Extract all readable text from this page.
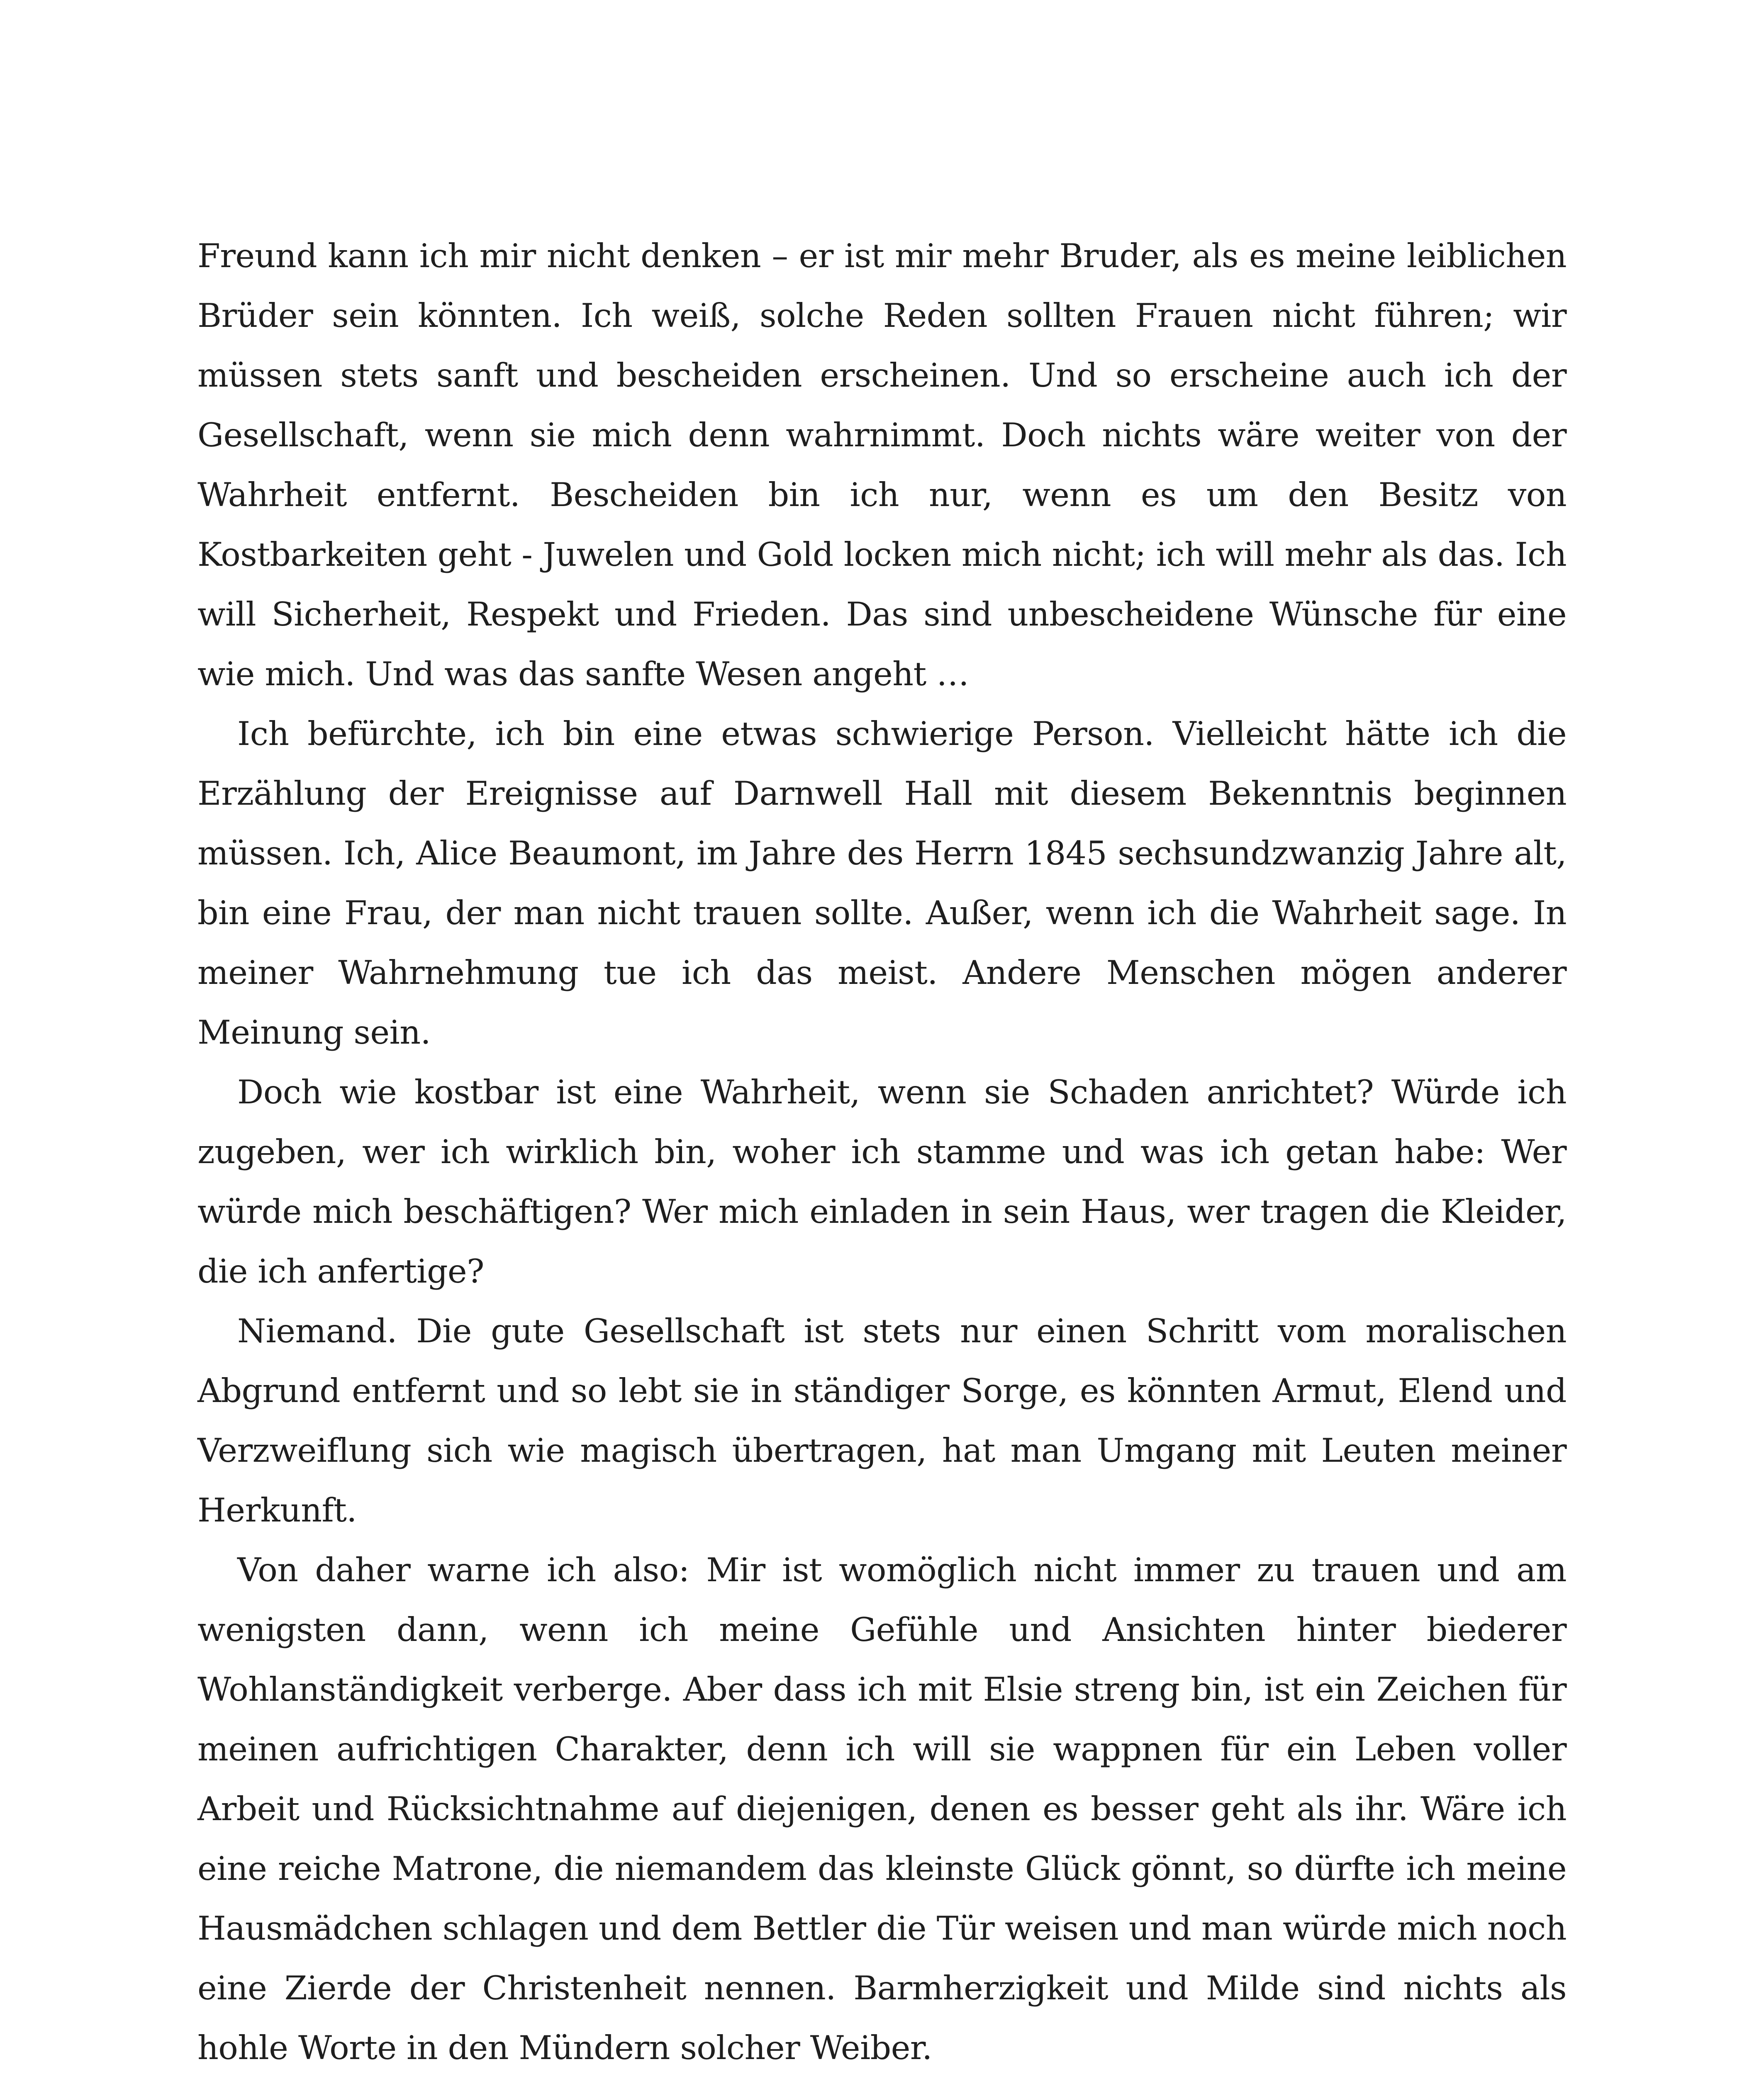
Freund kann ich mir nicht denken – er ist mir mehr Bruder, als es meine leiblichen Brüder sein könnten. Ich weiß, solche Reden sollten Frauen nicht führen; wir müssen stets sanft und bescheiden erscheinen. Und so erscheine auch ich der Gesellschaft, wenn sie mich denn wahrnimmt. Doch nichts wäre weiter von der Wahrheit entfernt. Bescheiden bin ich nur, wenn es um den Besitz von Kostbarkeiten geht - Juwelen und Gold locken mich nicht; ich will mehr als das. Ich will Sicherheit, Respekt und Frieden. Das sind unbescheidene Wünsche für eine wie mich. Und was das sanfte Wesen angeht …

Ich befürchte, ich bin eine etwas schwierige Person. Vielleicht hätte ich die Erzählung der Ereignisse auf Darnwell Hall mit diesem Bekenntnis beginnen müssen. Ich, Alice Beaumont, im Jahre des Herrn 1845 sechsundzwanzig Jahre alt, bin eine Frau, der man nicht trauen sollte. Außer, wenn ich die Wahrheit sage. In meiner Wahrnehmung tue ich das meist. Andere Menschen mögen anderer Meinung sein.

Doch wie kostbar ist eine Wahrheit, wenn sie Schaden anrichtet? Würde ich zugeben, wer ich wirklich bin, woher ich stamme und was ich getan habe: Wer würde mich beschäftigen? Wer mich einladen in sein Haus, wer tragen die Kleider, die ich anfertige?

Niemand. Die gute Gesellschaft ist stets nur einen Schritt vom moralischen Abgrund entfernt und so lebt sie in ständiger Sorge, es könnten Armut, Elend und Verzweiflung sich wie magisch übertragen, hat man Umgang mit Leuten meiner Herkunft.

Von daher warne ich also: Mir ist womöglich nicht immer zu trauen und am wenigsten dann, wenn ich meine Gefühle und Ansichten hinter biederer Wohlanständigkeit verberge. Aber dass ich mit Elsie streng bin, ist ein Zeichen für meinen aufrichtigen Charakter, denn ich will sie wappnen für ein Leben voller Arbeit und Rücksichtnahme auf diejenigen, denen es besser geht als ihr. Wäre ich eine reiche Matrone, die niemandem das kleinste Glück gönnt, so dürfte ich meine Hausmädchen schlagen und dem Bettler die Tür weisen und man würde mich noch eine Zierde der Christenheit nennen. Barmherzigkeit und Milde sind nichts als hohle Worte in den Mündern solcher Weiber.
